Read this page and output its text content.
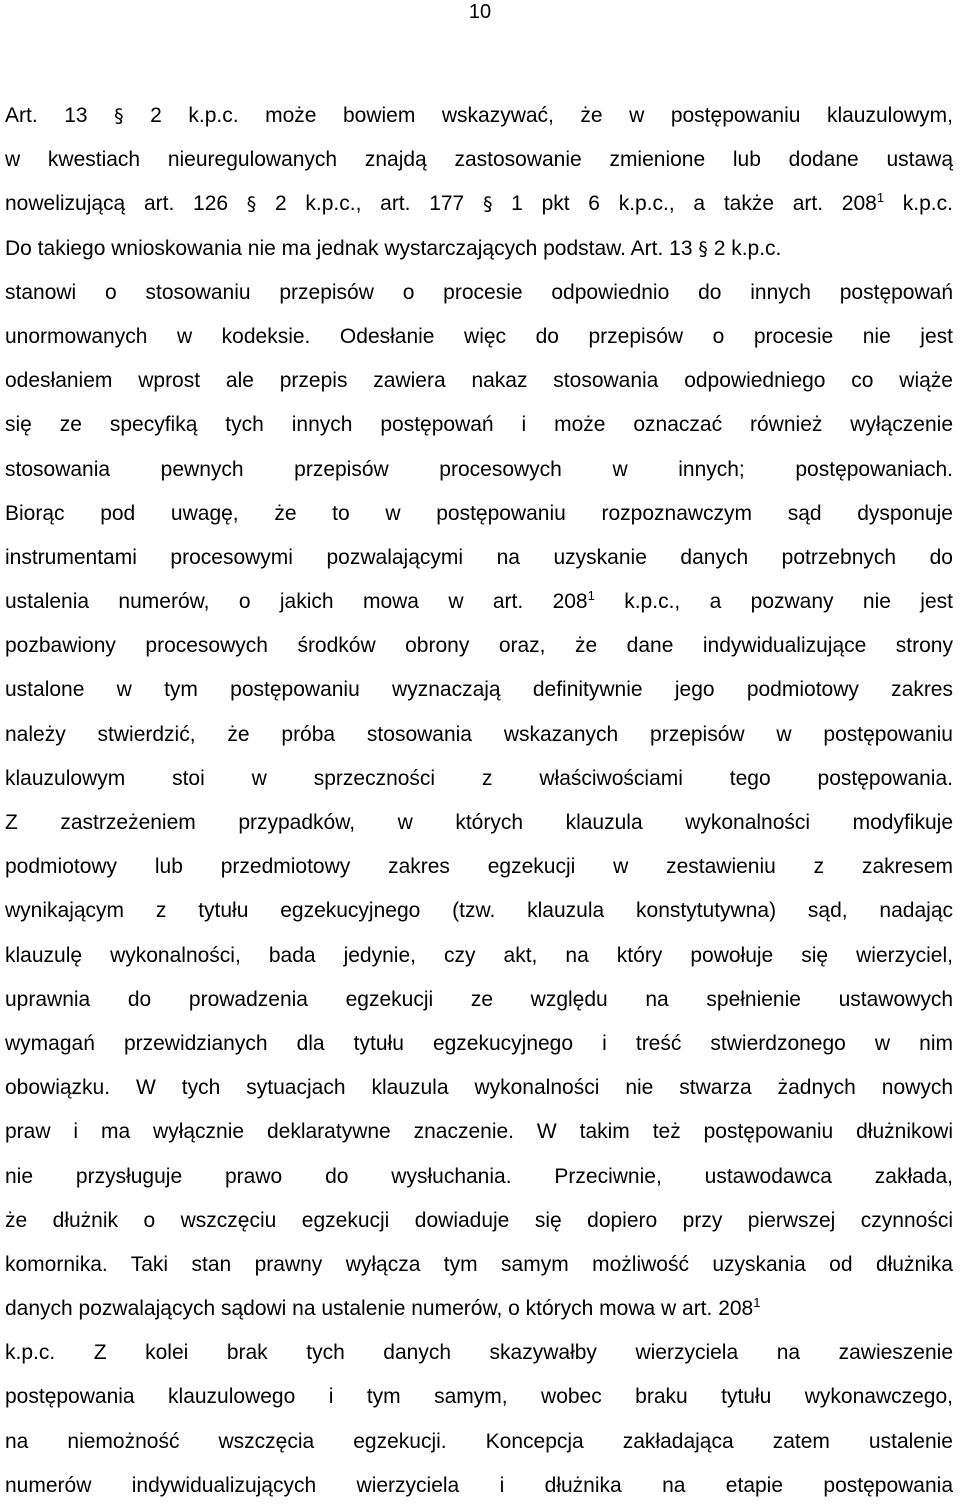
10
Art. 13 § 2 k.p.c. może bowiem wskazywać, że w postępowaniu klauzulowym,
w kwestiach nieuregulowanych znajdą zastosowanie zmienione lub dodane ustawą
nowelizującą art. 126 § 2 k.p.c., art. 177 § 1 pkt 6 k.p.c., a także art. $208^1$ k.p.c.
Do takiego wnioskowania nie ma jednak wystarczających podstaw. Art. 13 § 2 k.p.c.
stanowi o stosowaniu przepisów o procesie odpowiednio do innych postępowań
unormowanych w kodeksie. Odesłanie więc do przepisów o procesie nie jest
odesłaniem wprost ale przepis zawiera nakaz stosowania odpowiedniego co wiąże
się ze specyfiką tych innych postępowań i może oznaczać również wyłączenie
stosowania pewnych przepisów procesowych w innych; postępowaniach.
Biorąc pod uwagę, że to w postępowaniu rozpoznawczym sąd dysponuje
instrumentami procesowymi pozwalającymi na uzyskanie danych potrzebnych do
ustalenia numerów, o jakich mowa w art. $208^1$ k.p.c., a pozwany nie jest
pozbawiony procesowych środków obrony oraz, że dane indywidualizujące strony
ustalone w tym postępowaniu wyznaczają definitywnie jego podmiotowy zakres
należy stwierdzić, że próba stosowania wskazanych przepisów w postępowaniu
klauzulowym stoi w sprzeczności z właściwościami tego postępowania.
Z zastrzeżeniem przypadków, w których klauzula wykonalności modyfikuje
podmiotowy lub przedmiotowy zakres egzekucji w zestawieniu z zakresem
wynikającym z tytułu egzekucyjnego (tzw. klauzula konstytutywna) sąd, nadając
klauzulę wykonalności, bada jedynie, czy akt, na który powołuje się wierzyciel,
uprawnia do prowadzenia egzekucji ze względu na spełnienie ustawowych
wymagań przewidzianych dla tytułu egzekucyjnego i treść stwierdzonego w nim
obowiązku. W tych sytuacjach klauzula wykonalności nie stwarza żadnych nowych
praw i ma wyłącznie deklaratywne znaczenie. W takim też postępowaniu dłużnikowi
nie przysługuje prawo do wysłuchania. Przeciwnie, ustawodawca zakłada,
że dłużnik o wszczęciu egzekucji dowiaduje się dopiero przy pierwszej czynności
komornika. Taki stan prawny wyłącza tym samym możliwość uzyskania od dłużnika
danych pozwalających sądowi na ustalenie numerów, o których mowa w art. $208^1$
k.p.c. Z kolei brak tych danych skazywałby wierzyciela na zawieszenie
postępowania klauzulowego i tym samym, wobec braku tytułu wykonawczego,
na niemożność wszczęcia egzekucji. Koncepcja zakładająca zatem ustalenie
numerów indywidualizujących wierzyciela i dłużnika na etapie postępowania
